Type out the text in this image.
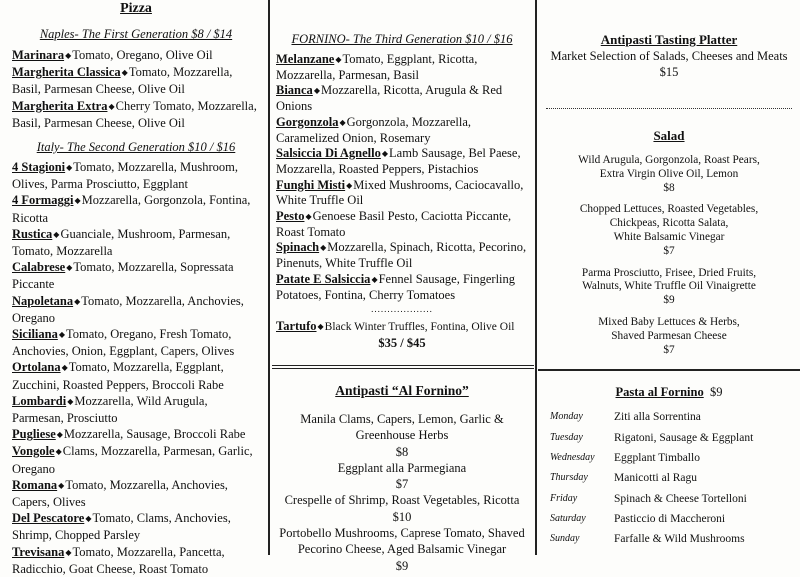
Pizza
Naples- The First Generation $8 / $14
Marinara◆Tomato, Oregano, Olive Oil
Margherita Classica◆Tomato, Mozzarella, Basil, Parmesan Cheese, Olive Oil
Margherita Extra◆Cherry Tomato, Mozzarella, Basil, Parmesan Cheese, Olive Oil
Italy- The Second Generation $10 / $16
4 Stagioni◆Tomato, Mozzarella, Mushroom, Olives, Parma Prosciutto, Eggplant
4 Formaggi◆Mozzarella, Gorgonzola, Fontina, Ricotta
Rustica◆Guanciale, Mushroom, Parmesan, Tomato, Mozzarella
Calabrese◆Tomato, Mozzarella, Sopressata Piccante
Napoletana◆Tomato, Mozzarella, Anchovies, Oregano
Siciliana◆Tomato, Oregano, Fresh Tomato, Anchovies, Onion, Eggplant, Capers, Olives
Ortolana◆Tomato, Mozzarella, Eggplant, Zucchini, Roasted Peppers, Broccoli Rabe
Lombardi◆Mozzarella, Wild Arugula, Parmesan, Prosciutto
Pugliese◆Mozzarella, Sausage, Broccoli Rabe
Vongole◆Clams, Mozzarella, Parmesan, Garlic, Oregano
Romana◆Tomato, Mozzarella, Anchovies, Capers, Olives
Del Pescatore◆Tomato, Clams, Anchovies, Shrimp, Chopped Parsley
Trevisana◆Tomato, Mozzarella, Pancetta, Radicchio, Goat Cheese, Roast Tomato
FORNINO- The Third Generation $10 / $16
Melanzane◆Tomato, Eggplant, Ricotta, Mozzarella, Parmesan, Basil
Bianca◆Mozzarella, Ricotta, Arugula & Red Onions
Gorgonzola◆Gorgonzola, Mozzarella, Caramelized Onion, Rosemary
Salsiccia Di Agnello◆Lamb Sausage, Bel Paese, Mozzarella, Roasted Peppers, Pistachios
Funghi Misti◆Mixed Mushrooms, Caciocavallo, White Truffle Oil
Pesto◆Genoese Basil Pesto, Caciotta Piccante, Roast Tomato
Spinach◆Mozzarella, Spinach, Ricotta, Pecorino, Pinenuts, White Truffle Oil
Patate E Salsiccia◆Fennel Sausage, Fingerling Potatoes, Fontina, Cherry Tomatoes
...................
Tartufo◆Black Winter Truffles, Fontina, Olive Oil
$35 / $45
Antipasti “Al Fornino”
Manila Clams, Capers, Lemon, Garlic &
Greenhouse Herbs
$8
Eggplant alla Parmegiana
$7
Crespelle of Shrimp, Roast Vegetables, Ricotta
$10
Portobello Mushrooms, Caprese Tomato, Shaved
Pecorino Cheese, Aged Balsamic Vinegar
$9
Antipasti Tasting Platter
Market Selection of Salads, Cheeses and Meats
$15
Salad
Wild Arugula, Gorgonzola, Roast Pears,
Extra Virgin Olive Oil, Lemon
$8
Chopped Lettuces, Roasted Vegetables,
Chickpeas, Ricotta Salata,
White Balsamic Vinegar
$7
Parma Prosciutto, Frisee, Dried Fruits,
Walnuts, White Truffle Oil Vinaigrette
$9
Mixed Baby Lettuces & Herbs,
Shaved Parmesan Cheese
$7
Pasta al Fornino $9
Monday	Ziti alla Sorrentina
Tuesday	Rigatoni, Sausage & Eggplant
Wednesday	Eggplant Timballo
Thursday	Manicotti al Ragu
Friday	Spinach & Cheese Tortelloni
Saturday	Pasticcio di Maccheroni
Sunday	Farfalle & Wild Mushrooms
